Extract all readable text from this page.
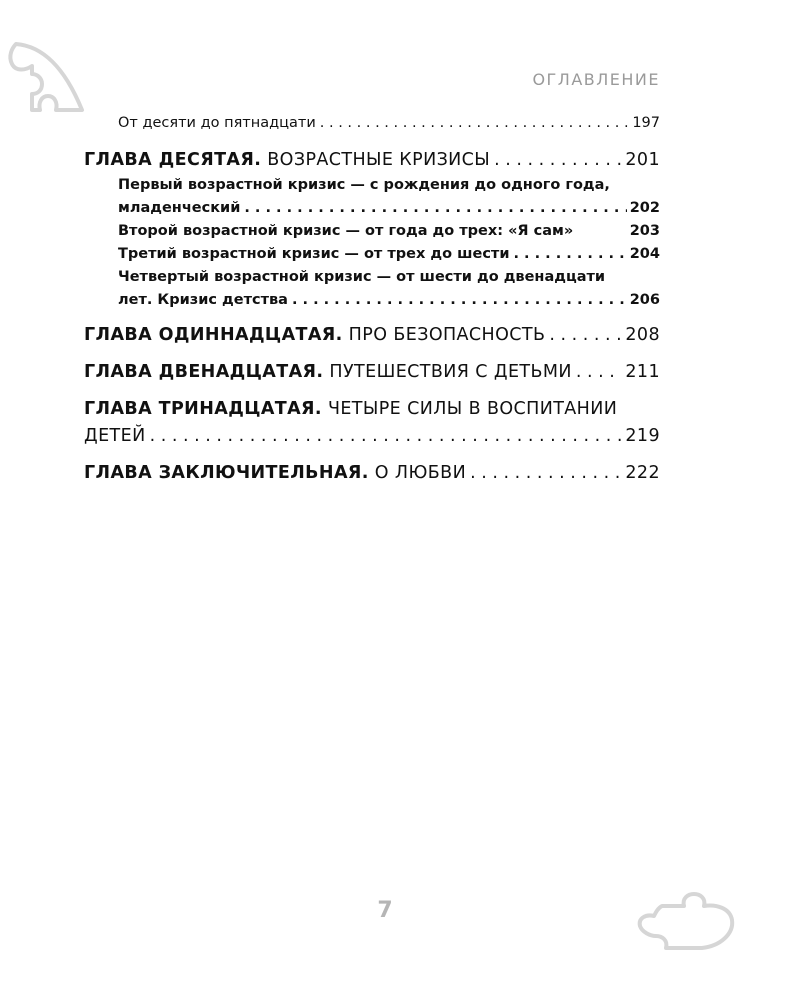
ОГЛАВЛЕНИЕ
От десяти до пятнадцати . . .	197
ГЛАВА ДЕСЯТАЯ. ВОЗРАСТНЫЕ КРИЗИСЫ . . .	201
Первый возрастной кризис — с рождения до одного года,
младенческий . . .	202
Второй возрастной кризис — от года до трех: «Я сам»	203
Третий возрастной кризис — от трех до шести . . .	204
Четвертый возрастной кризис — от шести до двенадцати
лет. Кризис детства . . .	206
ГЛАВА ОДИННАДЦАТАЯ. ПРО БЕЗОПАСНОСТЬ . . .	208
ГЛАВА ДВЕНАДЦАТАЯ. ПУТЕШЕСТВИЯ С ДЕТЬМИ . . .	211
ГЛАВА ТРИНАДЦАТАЯ. ЧЕТЫРЕ СИЛЫ В ВОСПИТАНИИ
ДЕТЕЙ . . .	219
ГЛАВА ЗАКЛЮЧИТЕЛЬНАЯ. О ЛЮБВИ . . .	222
7
